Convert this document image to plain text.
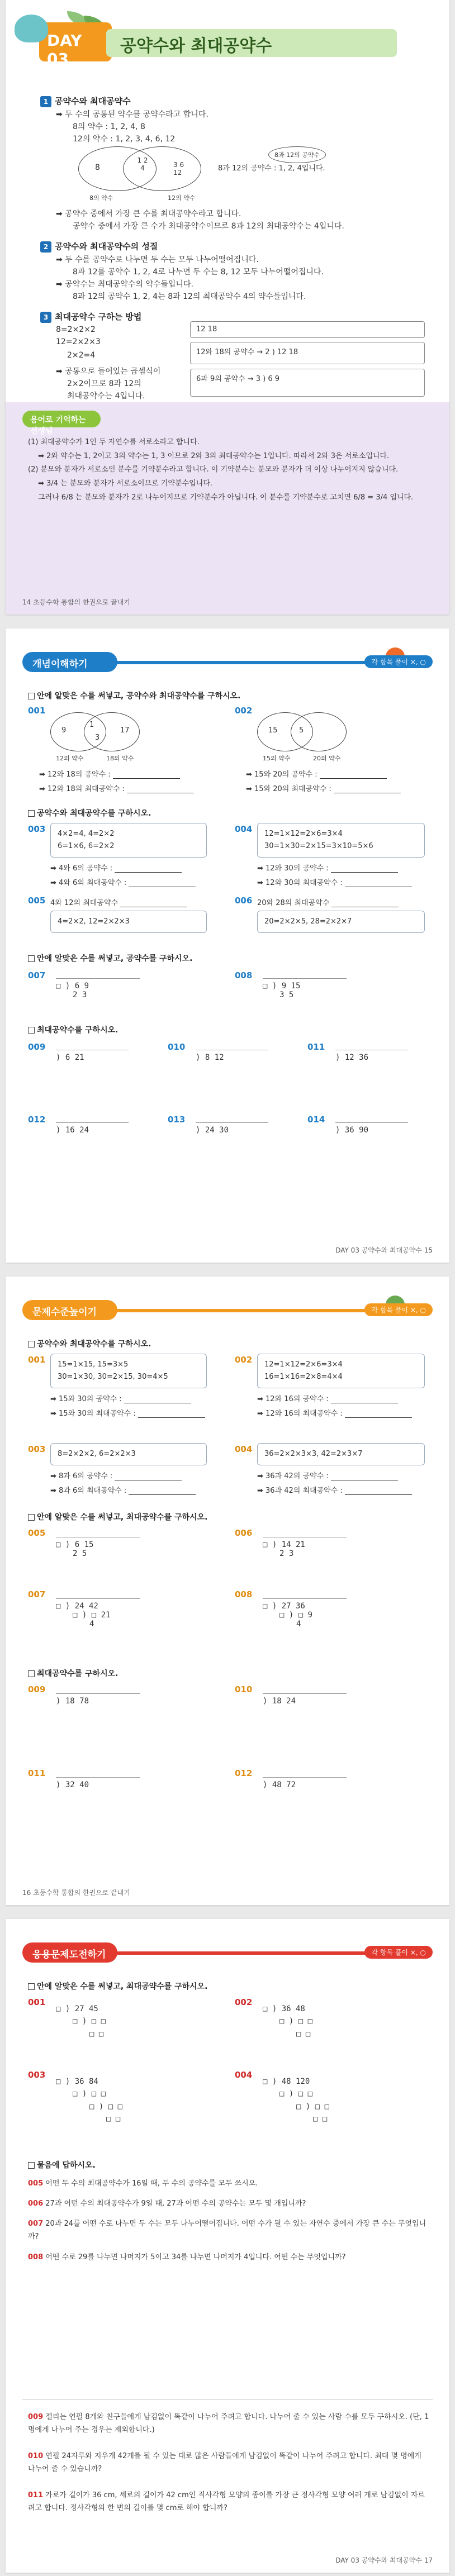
DAY 03
공약수와 최대공약수
1 공약수와 최대공약수
➡ 두 수의 공통된 약수를 공약수라고 합니다.
8의 약수 : 1, 2, 4, 8
12의 약수 : 1, 2, 3, 4, 6, 12
8
1 2 4	3 6 12
8의 약수	12의 약수
8과 12의 공약수 : 1, 2, 4입니다.
8과 12의 공약수
➡ 공약수 중에서 가장 큰 수를 최대공약수라고 합니다.
공약수 중에서 가장 큰 수가 최대공약수이므로 8과 12의 최대공약수는 4입니다.
2 공약수와 최대공약수의 성질
➡ 두 수를 공약수로 나누면 두 수는 모두 나누어떨어집니다.
8과 12를 공약수 1, 2, 4로 나누면 두 수는 8, 12 모두 나누어떨어집니다.
➡ 공약수는 최대공약수의 약수들입니다.
8과 12의 공약수 1, 2, 4는 8과 12의 최대공약수 4의 약수들입니다.
3 최대공약수 구하는 방법
8=2×2×2
12=2×2×3
2×2=4
➡ 공통으로 들어있는 곱셈식이
2×2이므로 8과 12의
최대공약수는 4입니다.
12 18
12와 18의 공약수 → 2 ) 12 18
6과 9의 공약수 → 3 ) 6 9
용어로 기억하는 선생님
(1) 최대공약수가 1인 두 자연수를 서로소라고 합니다.
➡ 2와 약수는 1, 2이고 3의 약수는 1, 3 이므로 2와 3의 최대공약수는 1입니다. 따라서 2와 3은 서로소입니다.
(2) 분모와 분자가 서로소인 분수를 기약분수라고 합니다. 이 기약분수는 분모와 분자가 더 이상 나누어지지 않습니다.
➡ 3/4 는 분모와 분자가 서로소이므로 기약분수입니다.
그러나 6/8 는 분모와 분자가 2로 나누어지므로 기약분수가 아닙니다. 이 분수를 기약분수로 고치면 6/8 = 3/4 입니다.
14 초등수학 통합의 한권으로 끝내기
개념이해하기	각 항목 풀이 ×, ○
안에 알맞은 수를 써넣고, 공약수와 최대공약수를 구하시오.
001
9
1
3
17
12의 약수	18의 약수
➡ 12와 18의 공약수 :
➡ 12와 18의 최대공약수 :
002
15	5
15의 약수	20의 약수
➡ 15와 20의 공약수 :
➡ 15와 20의 최대공약수 :
공약수와 최대공약수를 구하시오.
003 4×2=4, 4=2×2
6=1×6, 6=2×2
➡ 4와 6의 공약수 :
➡ 4와 6의 최대공약수 :
004 12=1×12=2×6=3×4
30=1×30=2×15=3×10=5×6
➡ 12와 30의 공약수 :
➡ 12와 30의 최대공약수 :
005 4와 12의 최대공약수
4=2×2, 12=2×2×3
006 20와 28의 최대공약수
20=2×2×5, 28=2×2×7
안에 알맞은 수를 써넣고, 공약수를 구하시오.
007
□ ) 6 9
2 3
008
□ ) 9 15
3 5
최대공약수를 구하시오.
009
) 6 21
010
) 8 12
011
) 12 36
012
) 16 24
013
) 24 30
014
) 36 90
DAY 03 공약수와 최대공약수 15
문제수준높이기	각 항목 풀이 ×, ○
공약수와 최대공약수를 구하시오.
001 15=1×15, 15=3×5
30=1×30, 30=2×15, 30=4×5
➡ 15와 30의 공약수 :
➡ 15와 30의 최대공약수 :
002 12=1×12=2×6=3×4
16=1×16=2×8=4×4
➡ 12와 16의 공약수 :
➡ 12와 16의 최대공약수 :
003	8=2×2×2, 6=2×2×3
➡ 8과 6의 공약수 :
➡ 8과 6의 최대공약수 :
004	36=2×2×3×3, 42=2×3×7
➡ 36과 42의 공약수 :
➡ 36과 42의 최대공약수 :
안에 알맞은 수를 써넣고, 최대공약수를 구하시오.
005
□ ) 6 15
2 5
006
□ ) 14 21
2 3
007
□ ) 24 42
□ ) □ 21
4
008
□ ) 27 36
□ ) □ 9
4
최대공약수를 구하시오.
009
) 18 78
010
) 18 24
011
) 32 40
012
) 48 72
16 초등수학 통합의 한권으로 끝내기
응용문제도전하기	각 항목 풀이 ×, ○
안에 알맞은 수를 써넣고, 최대공약수를 구하시오.
001
□ ) 27 45
□ ) □ □
□ □
002
□ ) 36 48
□ ) □ □
□ □
003
□ ) 36 84
□ ) □ □
□ ) □ □
□ □
004
□ ) 48 120
□ ) □ □
□ ) □ □
□ □
물음에 답하시오.
005 어떤 두 수의 최대공약수가 16일 때, 두 수의 공약수를 모두 쓰시오.
006 27과 어떤 수의 최대공약수가 9일 때, 27과 어떤 수의 공약수는 모두 몇 개입니까?
007 20과 24를 어떤 수로 나누면 두 수는 모두 나누어떨어집니다. 어떤 수가 될 수 있는 자연수 중에서 가장 큰 수는 무엇입니까?
008 어떤 수로 29를 나누면 나머지가 5이고 34를 나누면 나머지가 4입니다. 어떤 수는 무엇입니까?
009 젤리는 연필 8개와 친구들에게 남김없이 똑같이 나누어 주려고 합니다. 나누어 줄 수 있는 사람 수를 모두 구하시오. (단, 1명에게 나누어 주는 경우는 제외합니다.)
010 연필 24자루와 지우개 42개를 될 수 있는 대로 많은 사람들에게 남김없이 똑같이 나누어 주려고 합니다. 최대 몇 명에게 나누어 줄 수 있습니까?
011 가로가 길이가 36 cm, 세로의 길이가 42 cm인 직사각형 모양의 종이를 가장 큰 정사각형 모양 여러 개로 남김없이 자르려고 합니다. 정사각형의 한 변의 길이를 몇 cm로 해야 합니까?
DAY 03 공약수와 최대공약수 17
